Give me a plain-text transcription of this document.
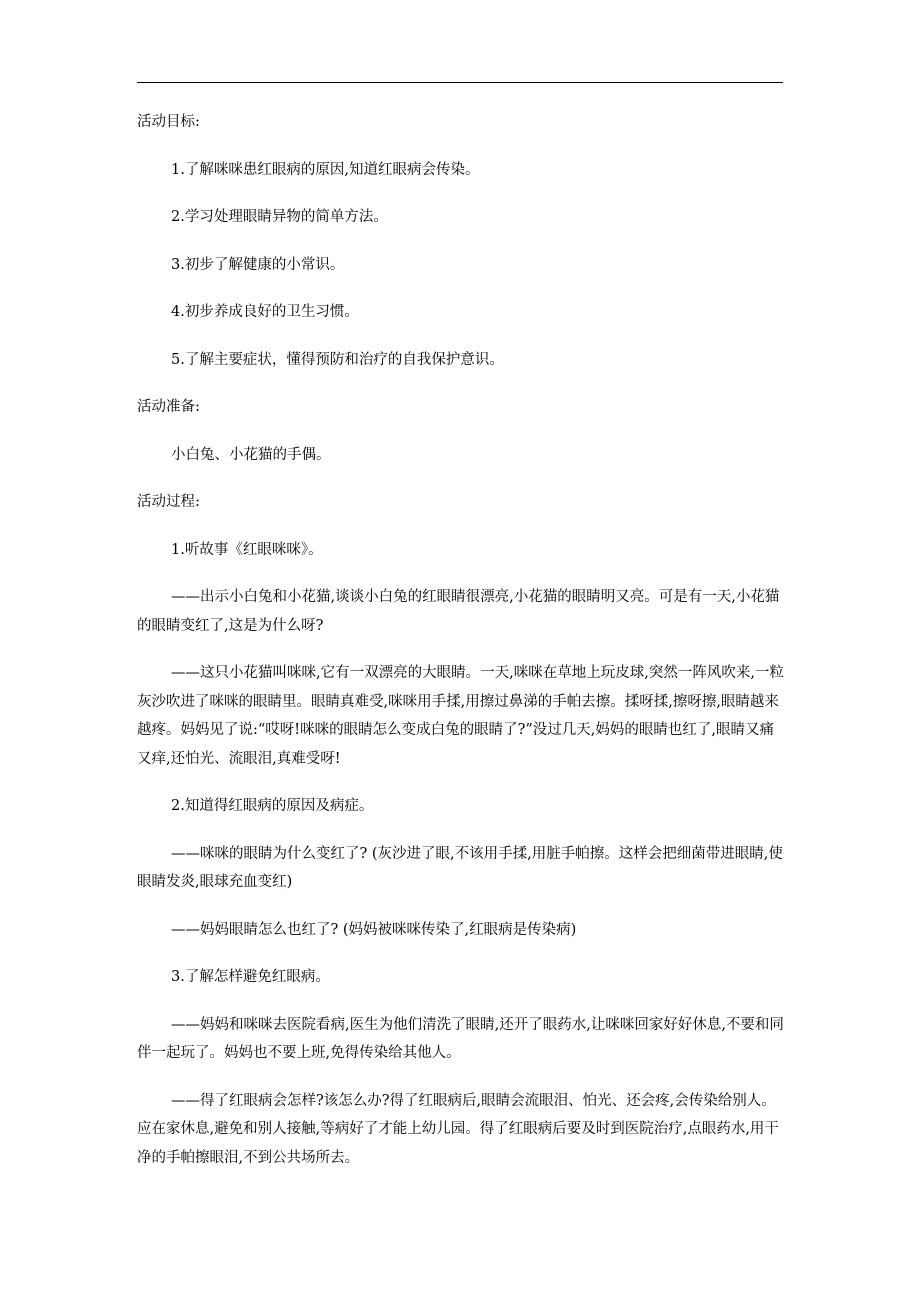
活动目标:

1.了解咪咪患红眼病的原因,知道红眼病会传染。

2.学习处理眼睛异物的简单方法。

3.初步了解健康的小常识。

4.初步养成良好的卫生习惯。

5.了解主要症状，懂得预防和治疗的自我保护意识。

活动准备:

小白兔、小花猫的手偶。

活动过程:

1.听故事《红眼咪咪》。

——出示小白兔和小花猫,谈谈小白兔的红眼睛很漂亮,小花猫的眼睛明又亮。可是有一天,小花猫的眼睛变红了,这是为什么呀?

——这只小花猫叫咪咪,它有一双漂亮的大眼睛。一天,咪咪在草地上玩皮球,突然一阵风吹来,一粒灰沙吹进了咪咪的眼睛里。眼睛真难受,咪咪用手揉,用擦过鼻涕的手帕去擦。揉呀揉,擦呀擦,眼睛越来越疼。妈妈见了说:“哎呀!咪咪的眼睛怎么变成白兔的眼睛了?”没过几天,妈妈的眼睛也红了,眼睛又痛又痒,还怕光、流眼泪,真难受呀!

2.知道得红眼病的原因及病症。

——咪咪的眼睛为什么变红了? (灰沙进了眼,不该用手揉,用脏手帕擦。这样会把细菌带进眼睛,使眼睛发炎,眼球充血变红)

——妈妈眼睛怎么也红了? (妈妈被咪咪传染了,红眼病是传染病)

3.了解怎样避免红眼病。

——妈妈和咪咪去医院看病,医生为他们清洗了眼睛,还开了眼药水,让咪咪回家好好休息,不要和同伴一起玩了。妈妈也不要上班,免得传染给其他人。

——得了红眼病会怎样?该怎么办?得了红眼病后,眼睛会流眼泪、怕光、还会疼,会传染给别人。应在家休息,避免和别人接触,等病好了才能上幼儿园。得了红眼病后要及时到医院治疗,点眼药水,用干净的手帕擦眼泪,不到公共场所去。
